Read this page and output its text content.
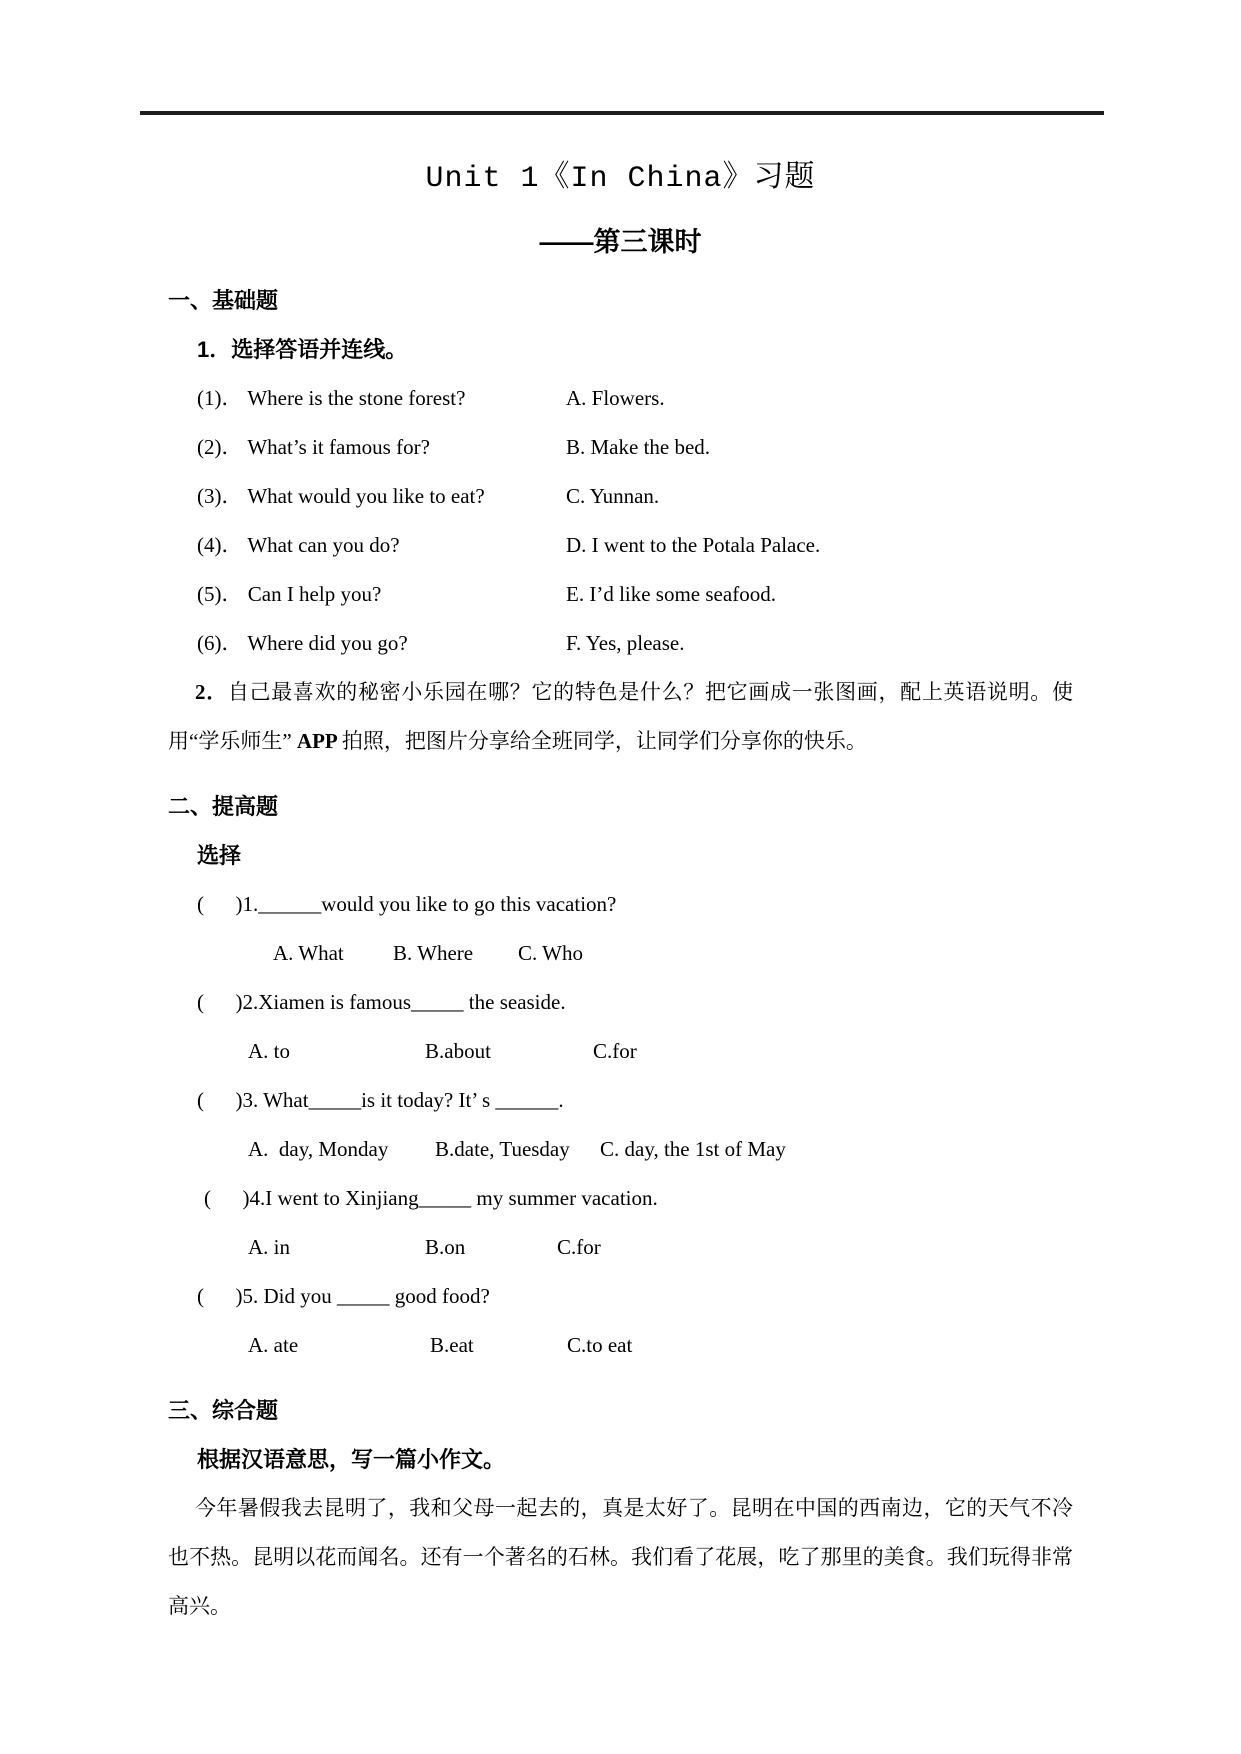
Unit 1《In China》习题
——第三课时
一、基础题
1．选择答语并连线。
(1)． Where is the stone forest?	A. Flowers.
(2)． What’s it famous for?	B. Make the bed.
(3)． What would you like to eat?	C. Yunnan.
(4)． What can you do?	D. I went to the Potala Palace.
(5)． Can I help you?	E. I’d like some seafood.
(6)． Where did you go?	F. Yes, please.
2．自己最喜欢的秘密小乐园在哪？它的特色是什么？把它画成一张图画，配上英语说明。使用“学乐师生” APP 拍照，把图片分享给全班同学，让同学们分享你的快乐。
二、提高题
选择
(      )1.______would you like to go this vacation?
A. What B. Where C. Who
(      )2.Xiamen is famous_____ the seaside.
A. to	B.about	C.for
(      )3. What_____is it today? It’ s ______.
A.  day, Monday B.date, Tuesday C. day, the 1st of May
(      )4.I went to Xinjiang_____ my summer vacation.
A. in	B.on	C.for
(      )5. Did you _____ good food?
A. ate	B.eat	C.to eat
三、综合题
根据汉语意思，写一篇小作文。
今年暑假我去昆明了，我和父母一起去的，真是太好了。昆明在中国的西南边，它的天气不冷也不热。昆明以花而闻名。还有一个著名的石林。我们看了花展，吃了那里的美食。我们玩得非常高兴。
